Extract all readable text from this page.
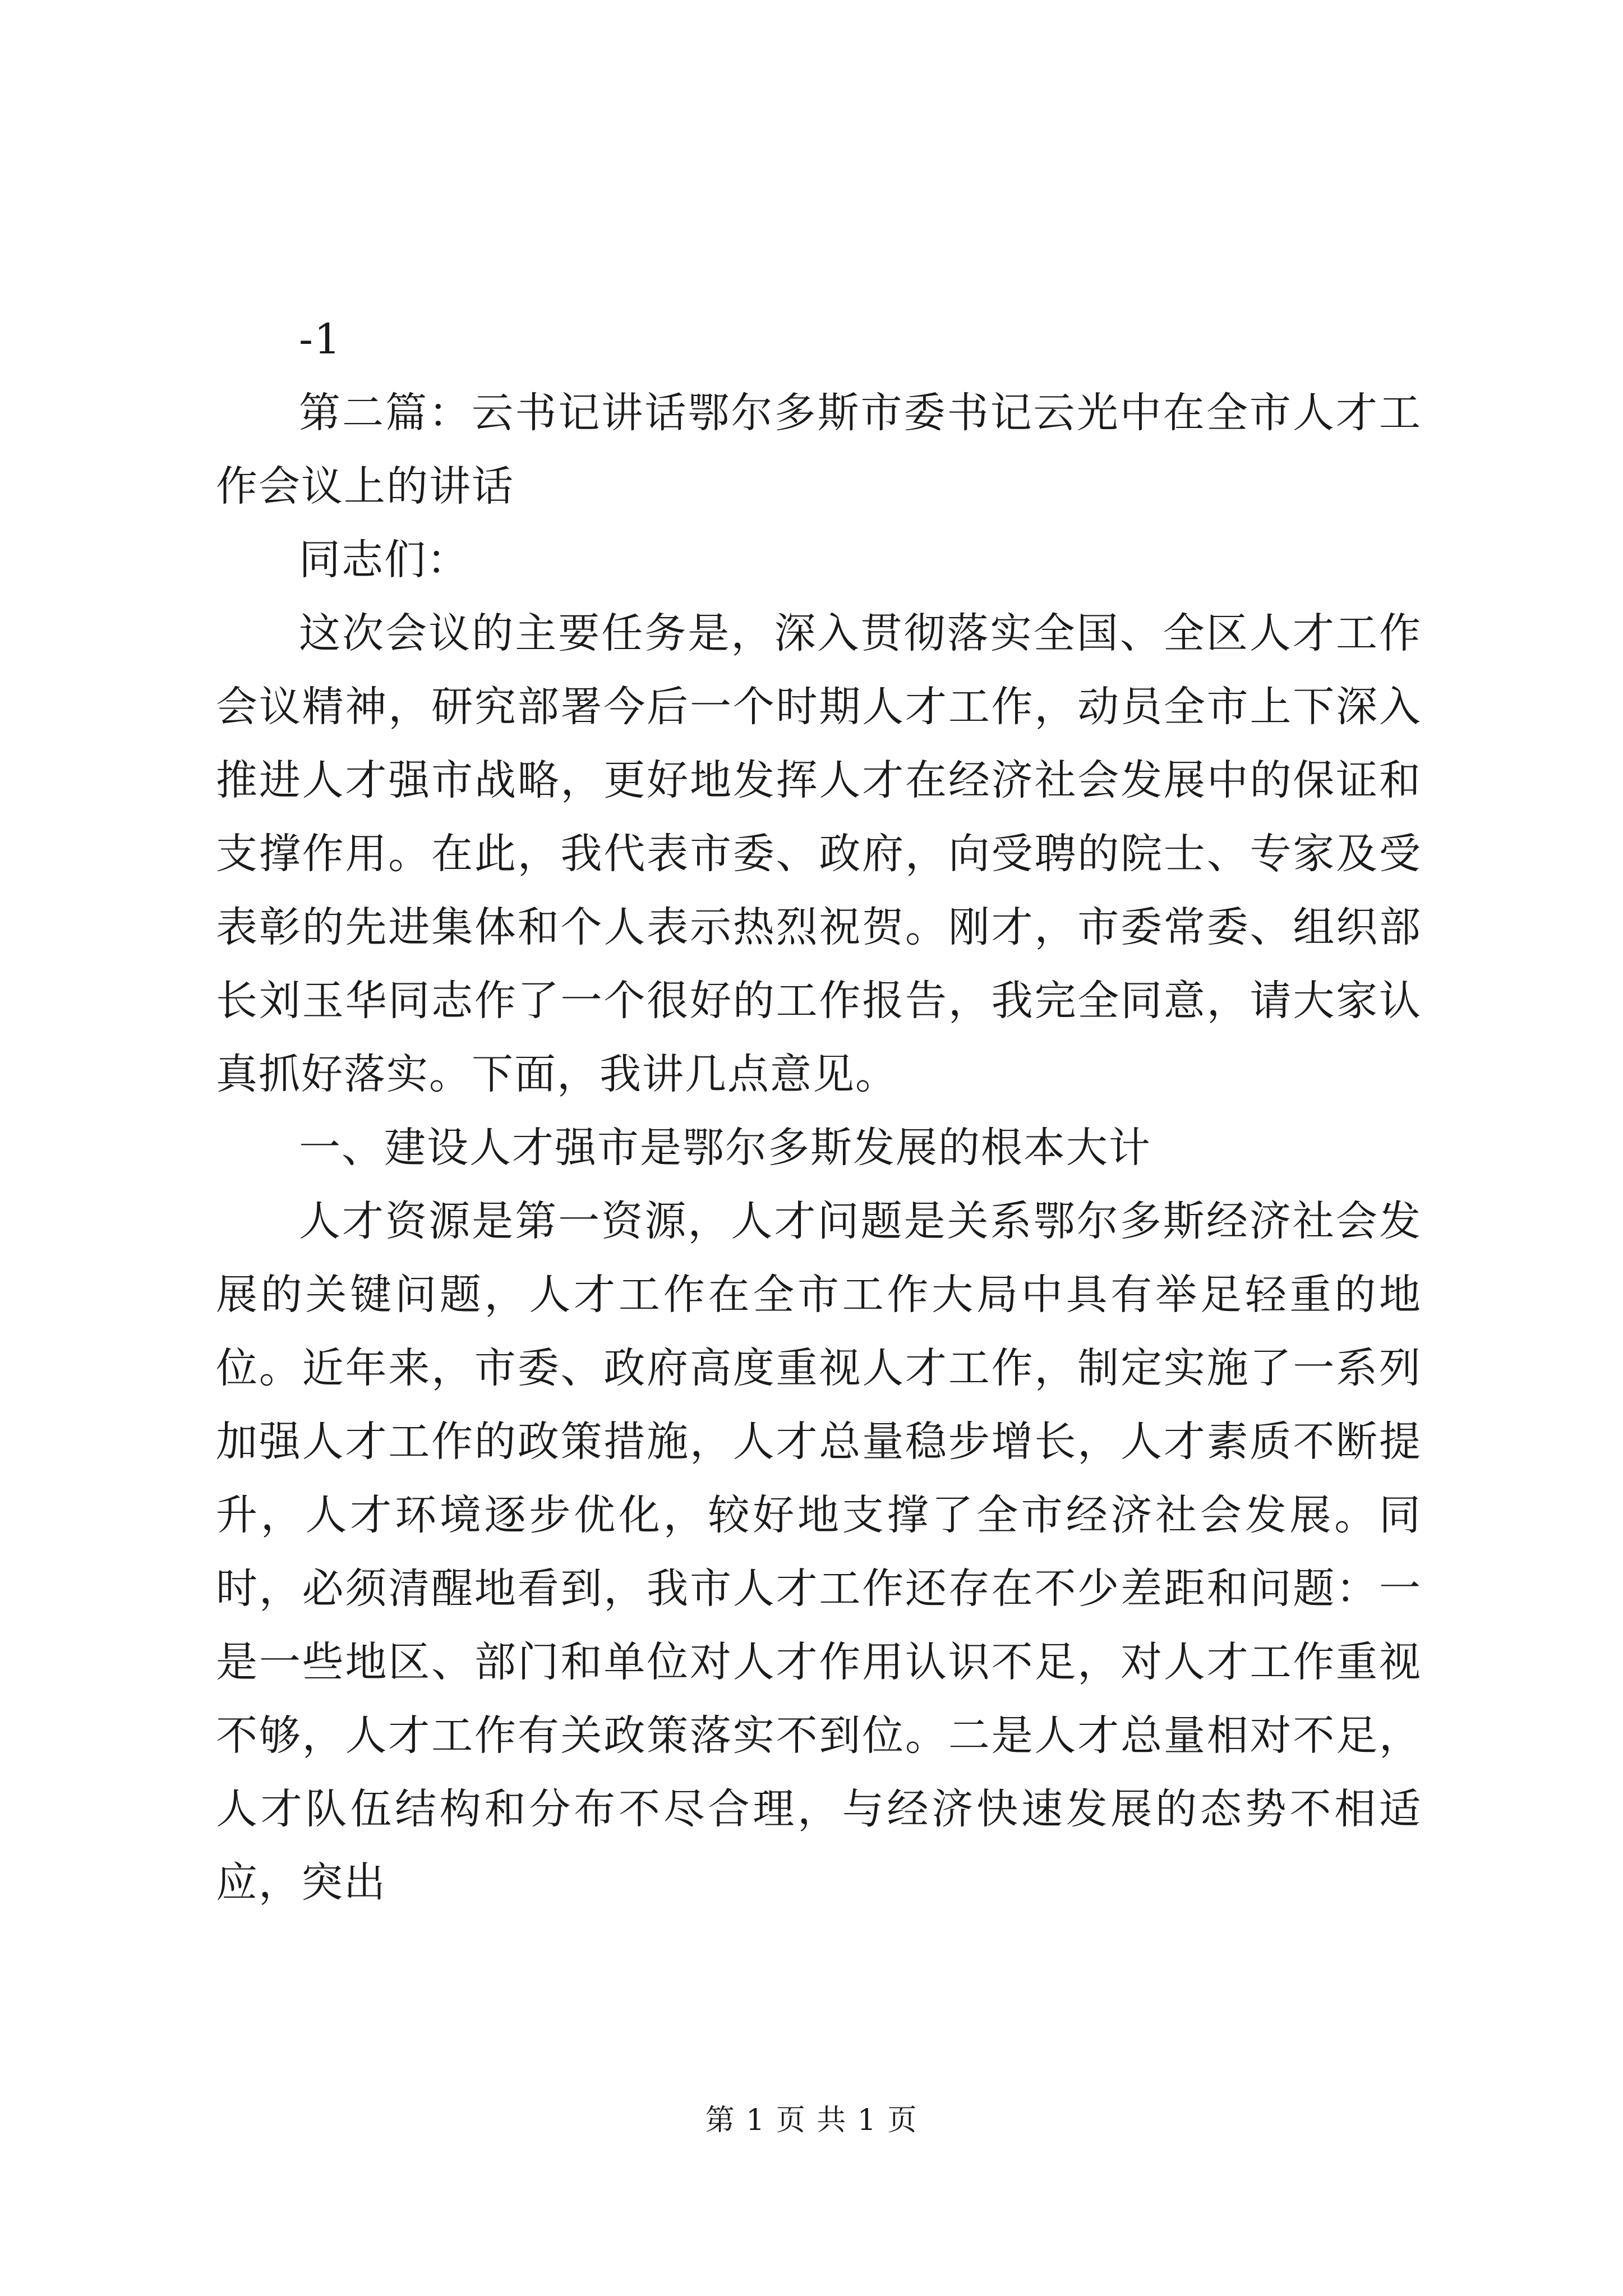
-1

第二篇：云书记讲话鄂尔多斯市委书记云光中在全市人才工作会议上的讲话

同志们：

这次会议的主要任务是，深入贯彻落实全国、全区人才工作会议精神，研究部署今后一个时期人才工作，动员全市上下深入推进人才强市战略，更好地发挥人才在经济社会发展中的保证和支撑作用。在此，我代表市委、政府，向受聘的院士、专家及受表彰的先进集体和个人表示热烈祝贺。刚才，市委常委、组织部长刘玉华同志作了一个很好的工作报告，我完全同意，请大家认真抓好落实。下面，我讲几点意见。

一、建设人才强市是鄂尔多斯发展的根本大计

人才资源是第一资源，人才问题是关系鄂尔多斯经济社会发展的关键问题，人才工作在全市工作大局中具有举足轻重的地位。近年来，市委、政府高度重视人才工作，制定实施了一系列加强人才工作的政策措施，人才总量稳步增长，人才素质不断提升，人才环境逐步优化，较好地支撑了全市经济社会发展。同时，必须清醒地看到，我市人才工作还存在不少差距和问题：一是一些地区、部门和单位对人才作用认识不足，对人才工作重视不够，人才工作有关政策落实不到位。二是人才总量相对不足，人才队伍结构和分布不尽合理，与经济快速发展的态势不相适应，突出

第 1 页 共 1 页
